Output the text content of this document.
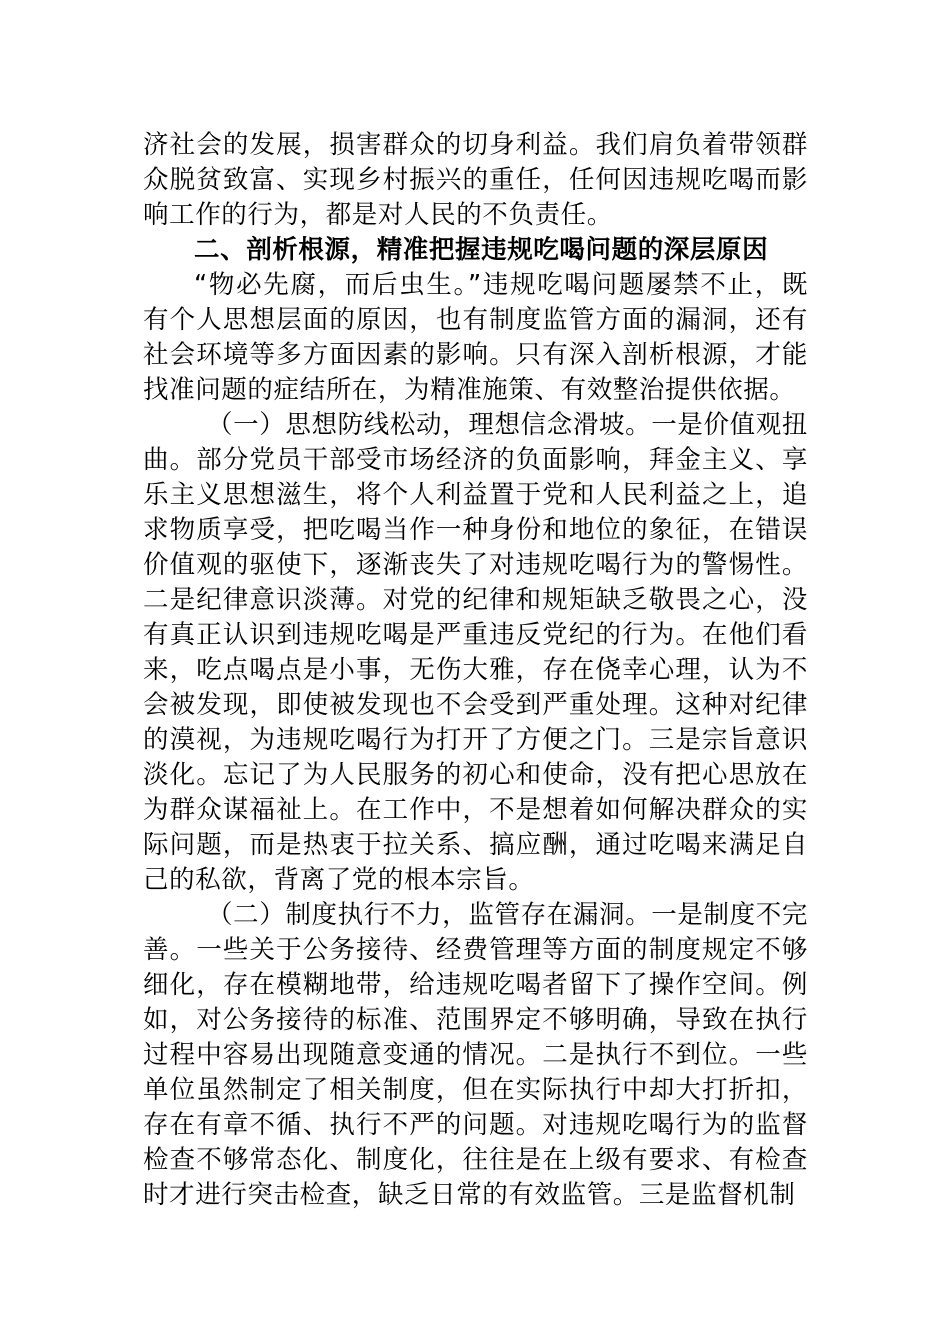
济社会的发展，损害群众的切身利益。我们肩负着带领群众脱贫致富、实现乡村振兴的重任，任何因违规吃喝而影响工作的行为，都是对人民的不负责任。

二、剖析根源，精准把握违规吃喝问题的深层原因

“物必先腐，而后虫生。”违规吃喝问题屡禁不止，既有个人思想层面的原因，也有制度监管方面的漏洞，还有社会环境等多方面因素的影响。只有深入剖析根源，才能找准问题的症结所在，为精准施策、有效整治提供依据。

（一）思想防线松动，理想信念滑坡。一是价值观扭曲。部分党员干部受市场经济的负面影响，拜金主义、享乐主义思想滋生，将个人利益置于党和人民利益之上，追求物质享受，把吃喝当作一种身份和地位的象征，在错误价值观的驱使下，逐渐丧失了对违规吃喝行为的警惕性。二是纪律意识淡薄。对党的纪律和规矩缺乏敬畏之心，没有真正认识到违规吃喝是严重违反党纪的行为。在他们看来，吃点喝点是小事，无伤大雅，存在侥幸心理，认为不会被发现，即使被发现也不会受到严重处理。这种对纪律的漠视，为违规吃喝行为打开了方便之门。三是宗旨意识淡化。忘记了为人民服务的初心和使命，没有把心思放在为群众谋福祉上。在工作中，不是想着如何解决群众的实际问题，而是热衷于拉关系、搞应酬，通过吃喝来满足自己的私欲，背离了党的根本宗旨。

（二）制度执行不力，监管存在漏洞。一是制度不完善。一些关于公务接待、经费管理等方面的制度规定不够细化，存在模糊地带，给违规吃喝者留下了操作空间。例如，对公务接待的标准、范围界定不够明确，导致在执行过程中容易出现随意变通的情况。二是执行不到位。一些单位虽然制定了相关制度，但在实际执行中却大打折扣，存在有章不循、执行不严的问题。对违规吃喝行为的监督检查不够常态化、制度化，往往是在上级有要求、有检查时才进行突击检查，缺乏日常的有效监管。三是监督机制
